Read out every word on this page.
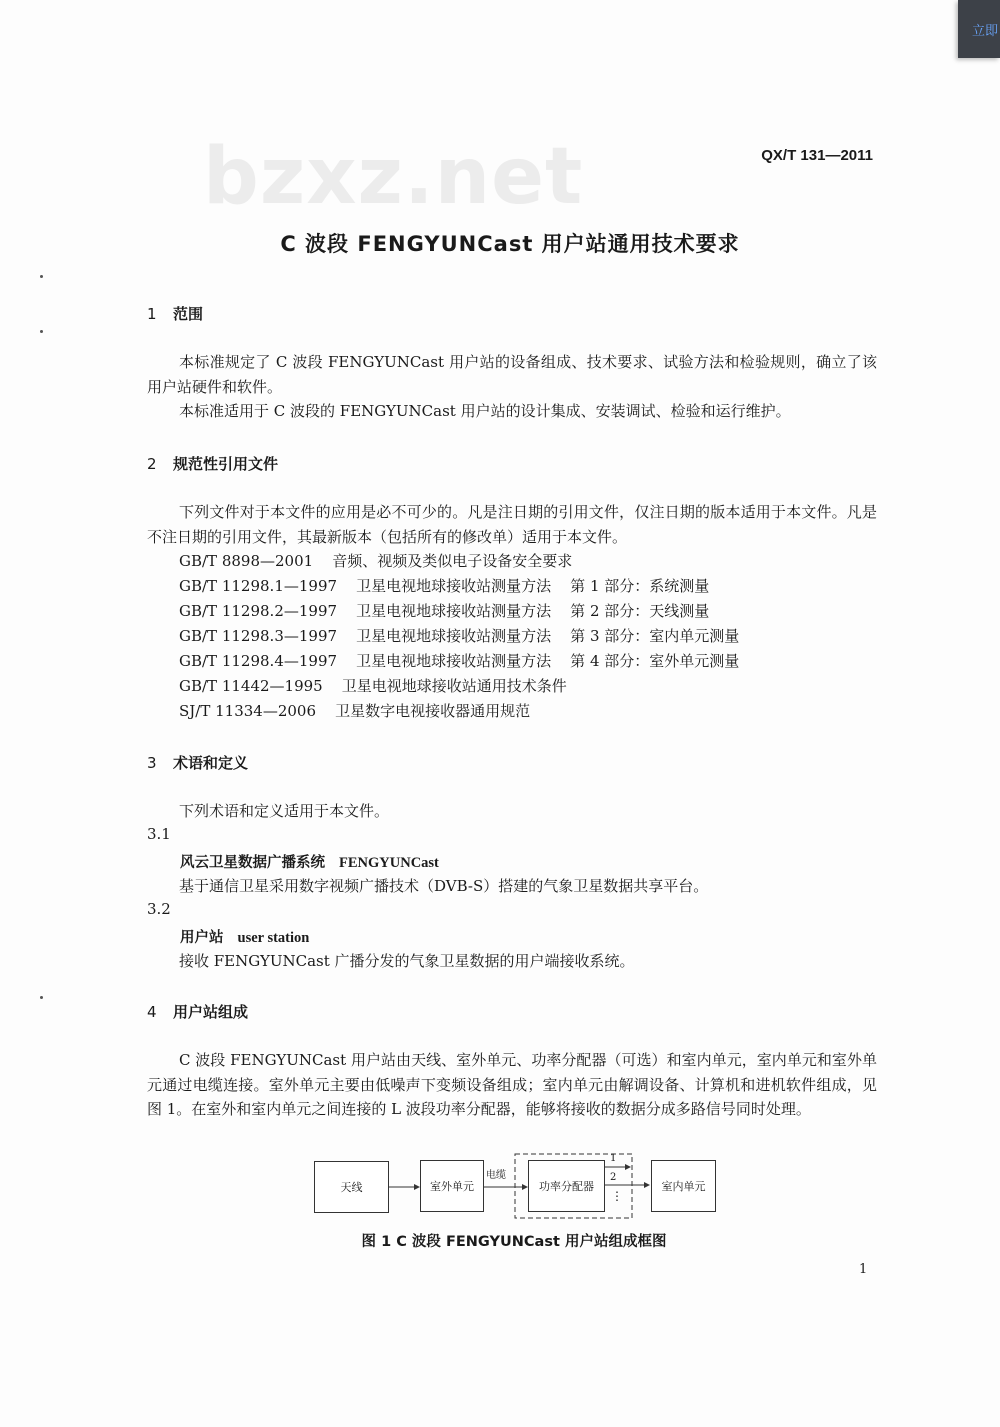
立即
bzxz.net	QX/T 131—2011
C 波段 FENGYUNCast 用户站通用技术要求
1 范围
本标准规定了 C 波段 FENGYUNCast 用户站的设备组成、技术要求、试验方法和检验规则，确立了该用户站硬件和软件。
本标准适用于 C 波段的 FENGYUNCast 用户站的设计集成、安装调试、检验和运行维护。
2 规范性引用文件
下列文件对于本文件的应用是必不可少的。凡是注日期的引用文件，仅注日期的版本适用于本文件。凡是不注日期的引用文件，其最新版本（包括所有的修改单）适用于本文件。
GB/T 8898—2001    音频、视频及类似电子设备安全要求
GB/T 11298.1—1997    卫星电视地球接收站测量方法    第 1 部分：系统测量
GB/T 11298.2—1997    卫星电视地球接收站测量方法    第 2 部分：天线测量
GB/T 11298.3—1997    卫星电视地球接收站测量方法    第 3 部分：室内单元测量
GB/T 11298.4—1997    卫星电视地球接收站测量方法    第 4 部分：室外单元测量
GB/T 11442—1995    卫星电视地球接收站通用技术条件
SJ/T 11334—2006    卫星数字电视接收器通用规范
3 术语和定义
下列术语和定义适用于本文件。
3.1
风云卫星数据广播系统 FENGYUNCast
基于通信卫星采用数字视频广播技术（DVB-S）搭建的气象卫星数据共享平台。
3.2
用户站 user station
接收 FENGYUNCast 广播分发的气象卫星数据的用户端接收系统。
4 用户站组成
C 波段 FENGYUNCast 用户站由天线、室外单元、功率分配器（可选）和室内单元，室内单元和室外单元通过电缆连接。室外单元主要由低噪声下变频设备组成；室内单元由解调设备、计算机和进机软件组成，见图 1。在室外和室内单元之间连接的 L 波段功率分配器，能够将接收的数据分成多路信号同时处理。
天线	室外单元
电缆
功率分配器
1
2
⋮
室内单元
图 1 C 波段 FENGYUNCast 用户站组成框图
1
